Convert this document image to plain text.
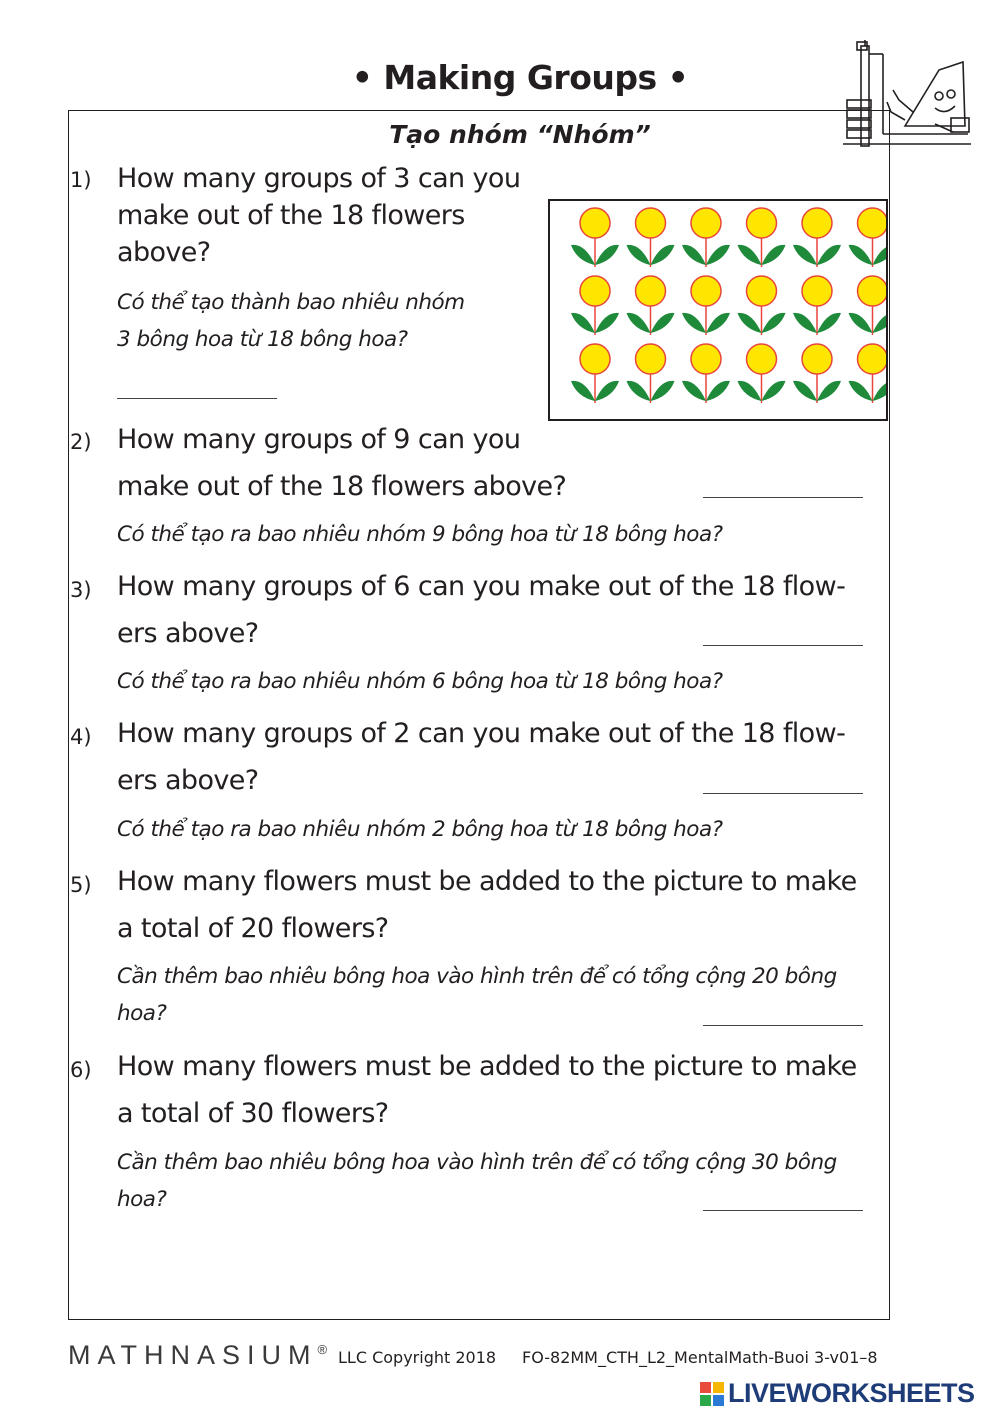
• Making Groups •
Tạo nhóm “Nhóm”
1) How many groups of 3 can you
make out of the 18 flowers
above?
Có thể tạo thành bao nhiêu nhóm
3 bông hoa từ 18 bông hoa?
2) How many groups of 9 can you
make out of the 18 flowers above?
Có thể tạo ra bao nhiêu nhóm 9 bông hoa từ 18 bông hoa?
3) How many groups of 6 can you make out of the 18 flow-
ers above?
Có thể tạo ra bao nhiêu nhóm 6 bông hoa từ 18 bông hoa?
4) How many groups of 2 can you make out of the 18 flow-
ers above?
Có thể tạo ra bao nhiêu nhóm 2 bông hoa từ 18 bông hoa?
5) How many flowers must be added to the picture to make
a total of 20 flowers?
Cần thêm bao nhiêu bông hoa vào hình trên để có tổng cộng 20 bông
hoa?
6) How many flowers must be added to the picture to make
a total of 30 flowers?
Cần thêm bao nhiêu bông hoa vào hình trên để có tổng cộng 30 bông
hoa?
MATHNASIUM® LLC Copyright 2018 FO-82MM_CTH_L2_MentalMath-Buoi 3-v01–8
LIVEWORKSHEETS
